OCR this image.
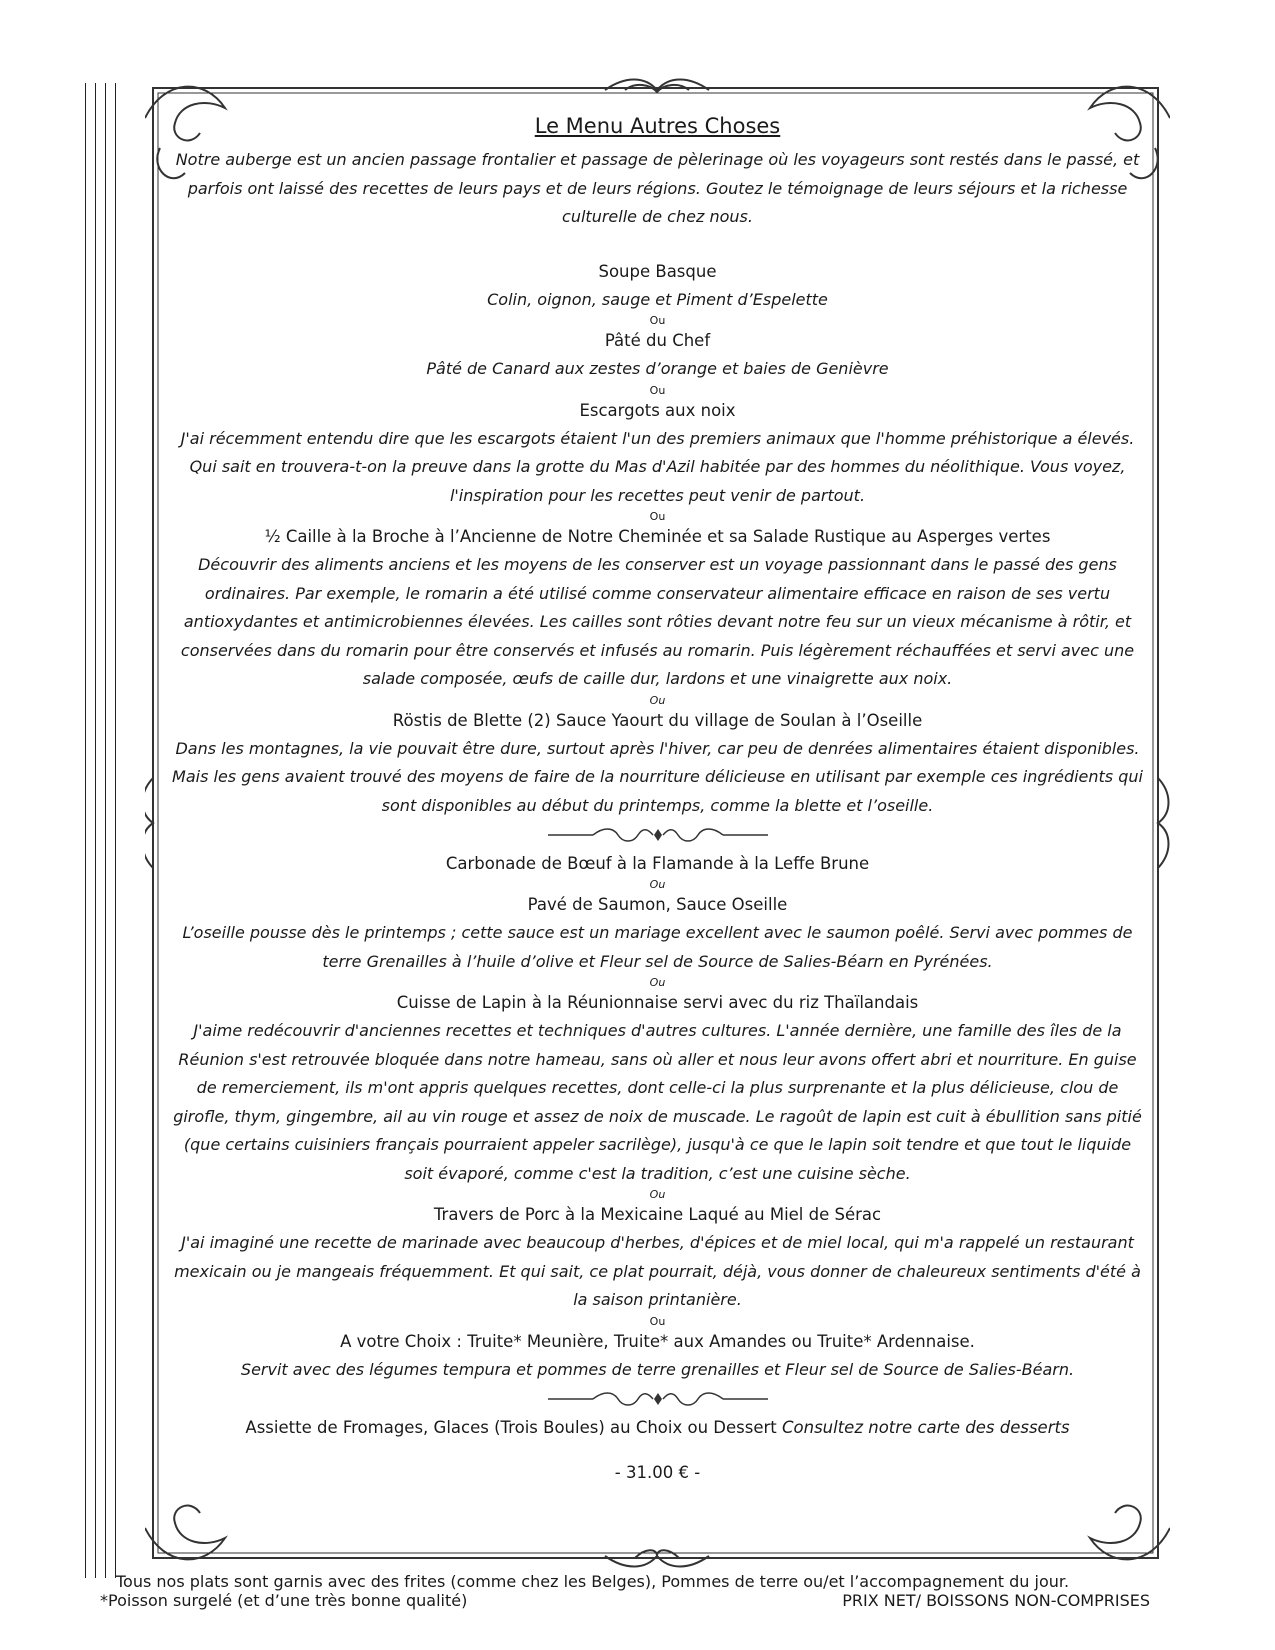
Le Menu Autres Choses

Notre auberge est un ancien passage frontalier et passage de pèlerinage où les voyageurs sont restés dans le passé, et parfois ont laissé des recettes de leurs pays et de leurs régions. Goutez le témoignage de leurs séjours et la richesse culturelle de chez nous.

Soupe Basque

Colin, oignon, sauge et Piment d’Espelette

Ou

Pâté du Chef

Pâté de Canard aux zestes d’orange et baies de Genièvre

Ou

Escargots aux noix

J'ai récemment entendu dire que les escargots étaient l'un des premiers animaux que l'homme préhistorique a élevés. Qui sait en trouvera-t-on la preuve dans la grotte du Mas d'Azil habitée par des hommes du néolithique. Vous voyez, l'inspiration pour les recettes peut venir de partout.

Ou

½ Caille à la Broche à l’Ancienne de Notre Cheminée et sa Salade Rustique au Asperges vertes

Découvrir des aliments anciens et les moyens de les conserver est un voyage passionnant dans le passé des gens ordinaires. Par exemple, le romarin a été utilisé comme conservateur alimentaire efficace en raison de ses vertu antioxydantes et antimicrobiennes élevées. Les cailles sont rôties devant notre feu sur un vieux mécanisme à rôtir, et conservées dans du romarin pour être conservés et infusés au romarin. Puis légèrement réchauffées et servi avec une salade composée, œufs de caille dur, lardons et une vinaigrette aux noix.

Ou

Röstis de Blette (2) Sauce Yaourt du village de Soulan à l’Oseille

Dans les montagnes, la vie pouvait être dure, surtout après l'hiver, car peu de denrées alimentaires étaient disponibles. Mais les gens avaient trouvé des moyens de faire de la nourriture délicieuse en utilisant par exemple ces ingrédients qui sont disponibles au début du printemps, comme la blette et l’oseille.

Carbonade de Bœuf à la Flamande à la Leffe Brune

Ou

Pavé de Saumon, Sauce Oseille

L’oseille pousse dès le printemps ; cette sauce est un mariage excellent avec le saumon poêlé. Servi avec pommes de terre Grenailles à l’huile d’olive et Fleur sel de Source de Salies-Béarn en Pyrénées.

Ou

Cuisse de Lapin à la Réunionnaise servi avec du riz Thaïlandais

J'aime redécouvrir d'anciennes recettes et techniques d'autres cultures. L'année dernière, une famille des îles de la Réunion s'est retrouvée bloquée dans notre hameau, sans où aller et nous leur avons offert abri et nourriture. En guise de remerciement, ils m'ont appris quelques recettes, dont celle-ci la plus surprenante et la plus délicieuse, clou de girofle, thym, gingembre, ail au vin rouge et assez de noix de muscade. Le ragoût de lapin est cuit à ébullition sans pitié (que certains cuisiniers français pourraient appeler sacrilège), jusqu'à ce que le lapin soit tendre et que tout le liquide soit évaporé, comme c'est la tradition, c’est une cuisine sèche.

Ou

Travers de Porc à la Mexicaine Laqué au Miel de Sérac

J'ai imaginé une recette de marinade avec beaucoup d'herbes, d'épices et de miel local, qui m'a rappelé un restaurant mexicain ou je mangeais fréquemment. Et qui sait, ce plat pourrait, déjà, vous donner de chaleureux sentiments d'été à la saison printanière.

Ou

A votre Choix : Truite* Meunière, Truite* aux Amandes ou Truite* Ardennaise.

Servit avec des légumes tempura et pommes de terre grenailles et Fleur sel de Source de Salies-Béarn.

Assiette de Fromages, Glaces (Trois Boules) au Choix ou Dessert Consultez notre carte des desserts

- 31.00 € -

Tous nos plats sont garnis avec des frites (comme chez les Belges), Pommes de terre ou/et l’accompagnement du jour.
*Poisson surgelé (et d’une très bonne qualité)	PRIX NET/ BOISSONS NON-COMPRISES
